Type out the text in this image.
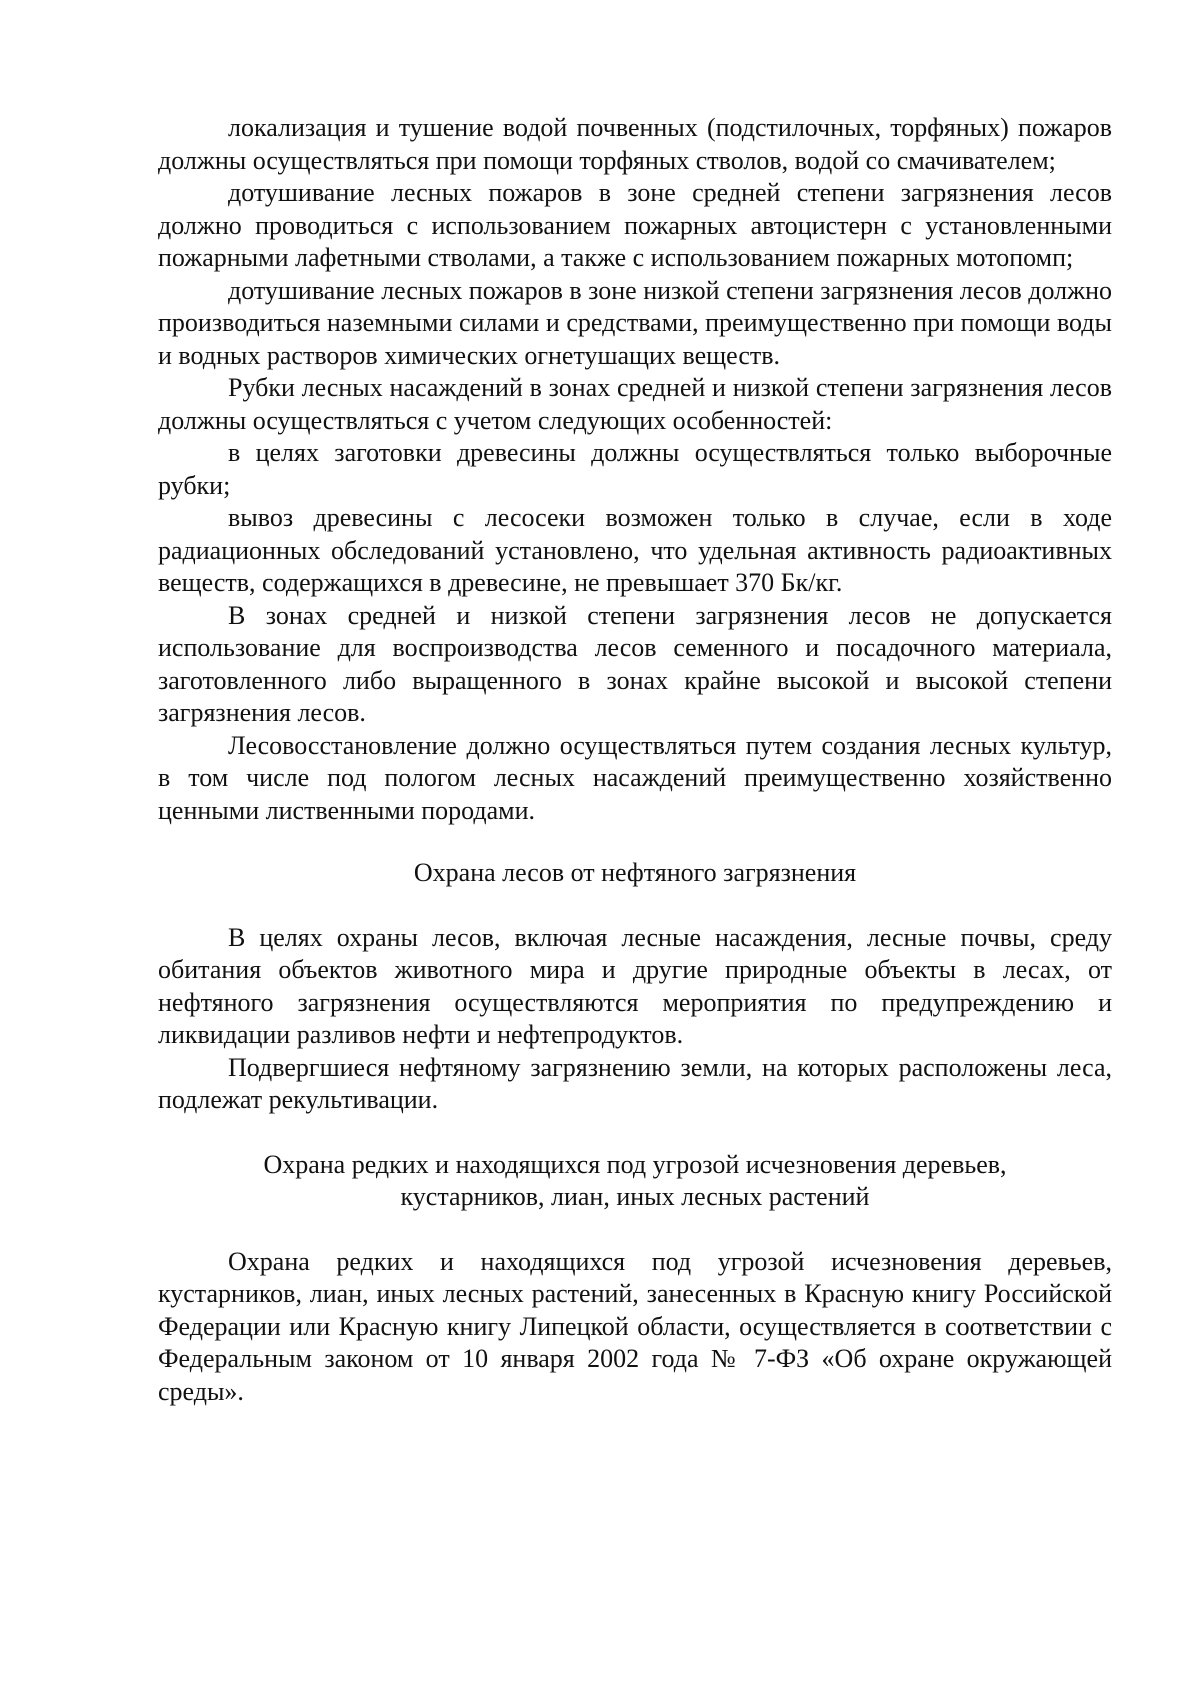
локализация и тушение водой почвенных (подстилочных, торфяных) пожаров должны осуществляться при помощи торфяных стволов, водой со смачивателем;

дотушивание лесных пожаров в зоне средней степени загрязнения лесов должно проводиться с использованием пожарных автоцистерн с установленными пожарными лафетными стволами, а также с использованием пожарных мотопомп;

дотушивание лесных пожаров в зоне низкой степени загрязнения лесов должно производиться наземными силами и средствами, преимущественно при помощи воды и водных растворов химических огнетушащих веществ.

Рубки лесных насаждений в зонах средней и низкой степени загрязнения лесов должны осуществляться с учетом следующих особенностей:

в целях заготовки древесины должны осуществляться только выборочные рубки;

вывоз древесины с лесосеки возможен только в случае, если в ходе радиационных обследований установлено, что удельная активность радиоактивных веществ, содержащихся в древесине, не превышает 370 Бк/кг.

В зонах средней и низкой степени загрязнения лесов не допускается использование для воспроизводства лесов семенного и посадочного материала, заготовленного либо выращенного в зонах крайне высокой и высокой степени загрязнения лесов.

Лесовосстановление должно осуществляться путем создания лесных культур, в том числе под пологом лесных насаждений преимущественно хозяйственно ценными лиственными породами.

Охрана лесов от нефтяного загрязнения

В целях охраны лесов, включая лесные насаждения, лесные почвы, среду обитания объектов животного мира и другие природные объекты в лесах, от нефтяного загрязнения осуществляются мероприятия по предупреждению и ликвидации разливов нефти и нефтепродуктов.

Подвергшиеся нефтяному загрязнению земли, на которых расположены леса, подлежат рекультивации.

Охрана редких и находящихся под угрозой исчезновения деревьев,
кустарников, лиан, иных лесных растений

Охрана редких и находящихся под угрозой исчезновения деревьев, кустарников, лиан, иных лесных растений, занесенных в Красную книгу Российской Федерации или Красную книгу Липецкой области, осуществляется в соответствии с Федеральным законом от 10 января 2002 года № 7-ФЗ «Об охране окружающей среды».
